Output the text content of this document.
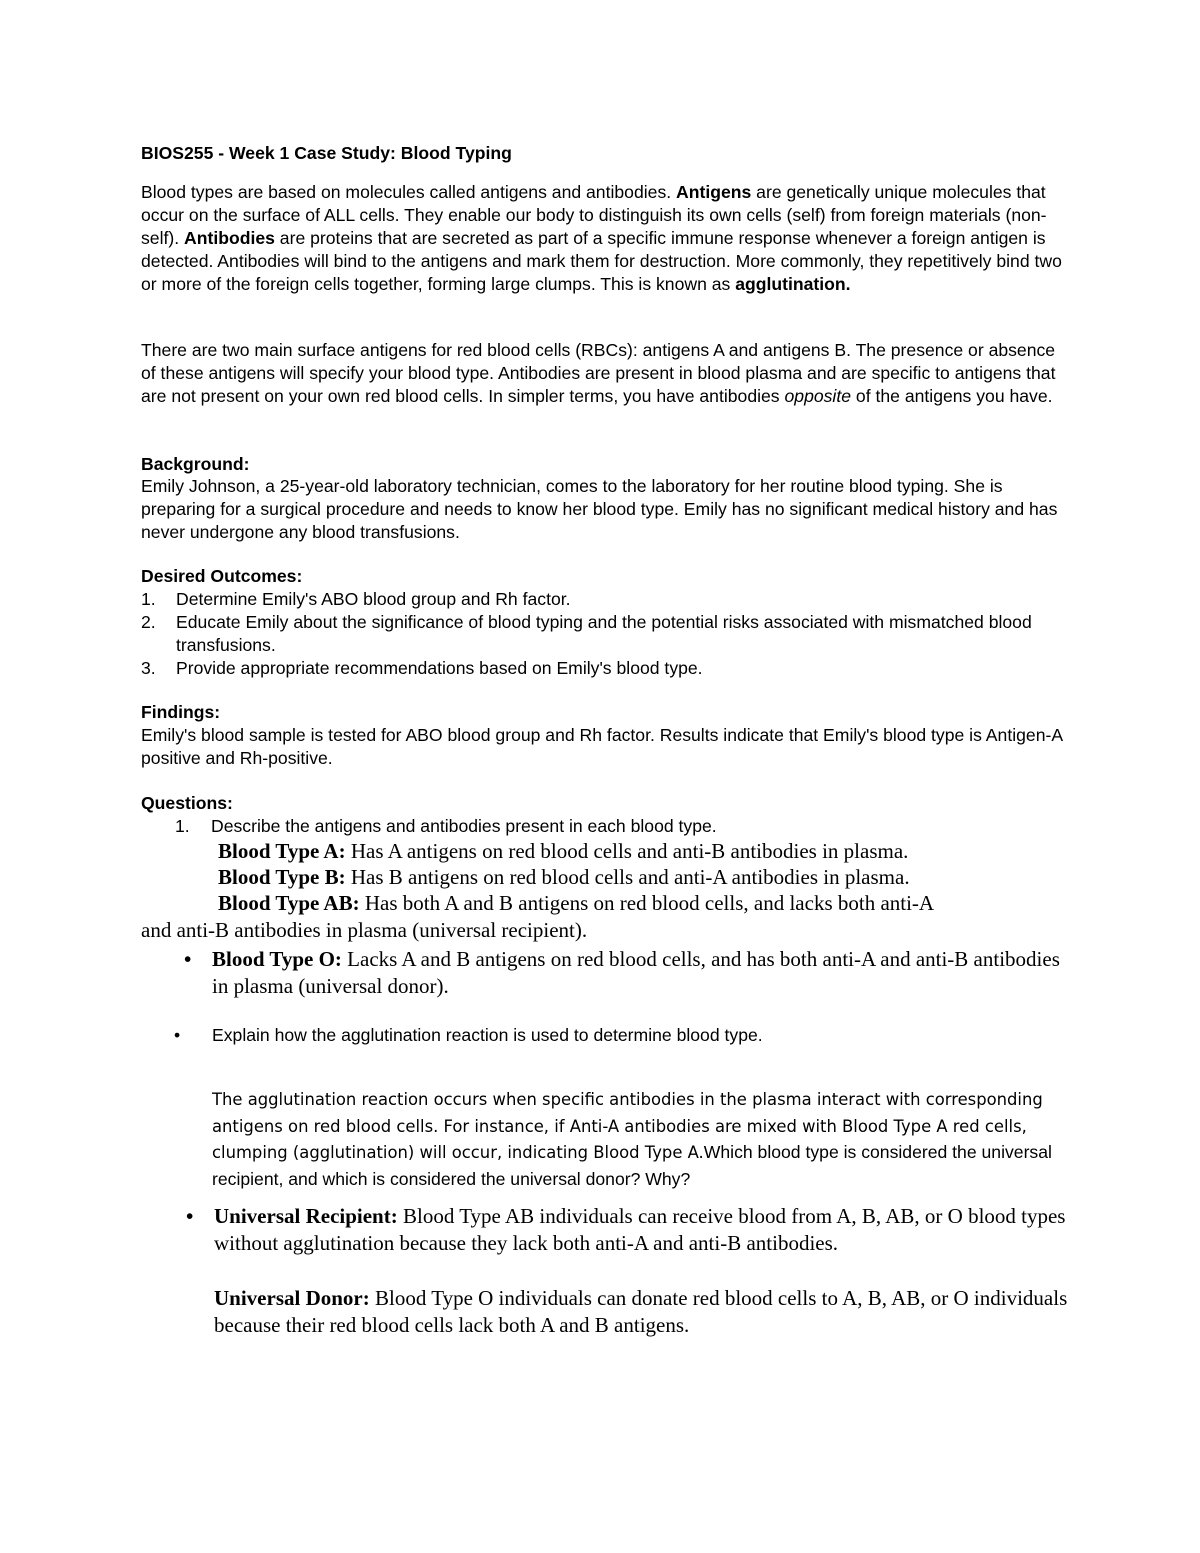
BIOS255 - Week 1 Case Study: Blood Typing

Blood types are based on molecules called antigens and antibodies. Antigens are genetically unique molecules that occur on the surface of ALL cells. They enable our body to distinguish its own cells (self) from foreign materials (non-self). Antibodies are proteins that are secreted as part of a specific immune response whenever a foreign antigen is detected. Antibodies will bind to the antigens and mark them for destruction. More commonly, they repetitively bind two or more of the foreign cells together, forming large clumps. This is known as agglutination.

There are two main surface antigens for red blood cells (RBCs): antigens A and antigens B. The presence or absence of these antigens will specify your blood type. Antibodies are present in blood plasma and are specific to antigens that are not present on your own red blood cells. In simpler terms, you have antibodies opposite of the antigens you have.

Background:

Emily Johnson, a 25-year-old laboratory technician, comes to the laboratory for her routine blood typing. She is preparing for a surgical procedure and needs to know her blood type. Emily has no significant medical history and has never undergone any blood transfusions.

Desired Outcomes:

1. Determine Emily's ABO blood group and Rh factor.
2. Educate Emily about the significance of blood typing and the potential risks associated with mismatched blood transfusions.
3. Provide appropriate recommendations based on Emily's blood type.

Findings:

Emily's blood sample is tested for ABO blood group and Rh factor. Results indicate that Emily's blood type is Antigen-A positive and Rh-positive.

Questions:

1. Describe the antigens and antibodies present in each blood type.
Blood Type A: Has A antigens on red blood cells and anti-B antibodies in plasma.
Blood Type B: Has B antigens on red blood cells and anti-A antibodies in plasma.
Blood Type AB: Has both A and B antigens on red blood cells, and lacks both anti-A
and anti-B antibodies in plasma (universal recipient).
• Blood Type O: Lacks A and B antigens on red blood cells, and has both anti-A and anti-B antibodies in plasma (universal donor).
• Explain how the agglutination reaction is used to determine blood type.

The agglutination reaction occurs when specific antibodies in the plasma interact with corresponding antigens on red blood cells. For instance, if Anti-A antibodies are mixed with Blood Type A red cells, clumping (agglutination) will occur, indicating Blood Type A.Which blood type is considered the universal recipient, and which is considered the universal donor? Why?

• Universal Recipient: Blood Type AB individuals can receive blood from A, B, AB, or O blood types without agglutination because they lack both anti-A and anti-B antibodies.
Universal Donor: Blood Type O individuals can donate red blood cells to A, B, AB, or O individuals because their red blood cells lack both A and B antigens.
